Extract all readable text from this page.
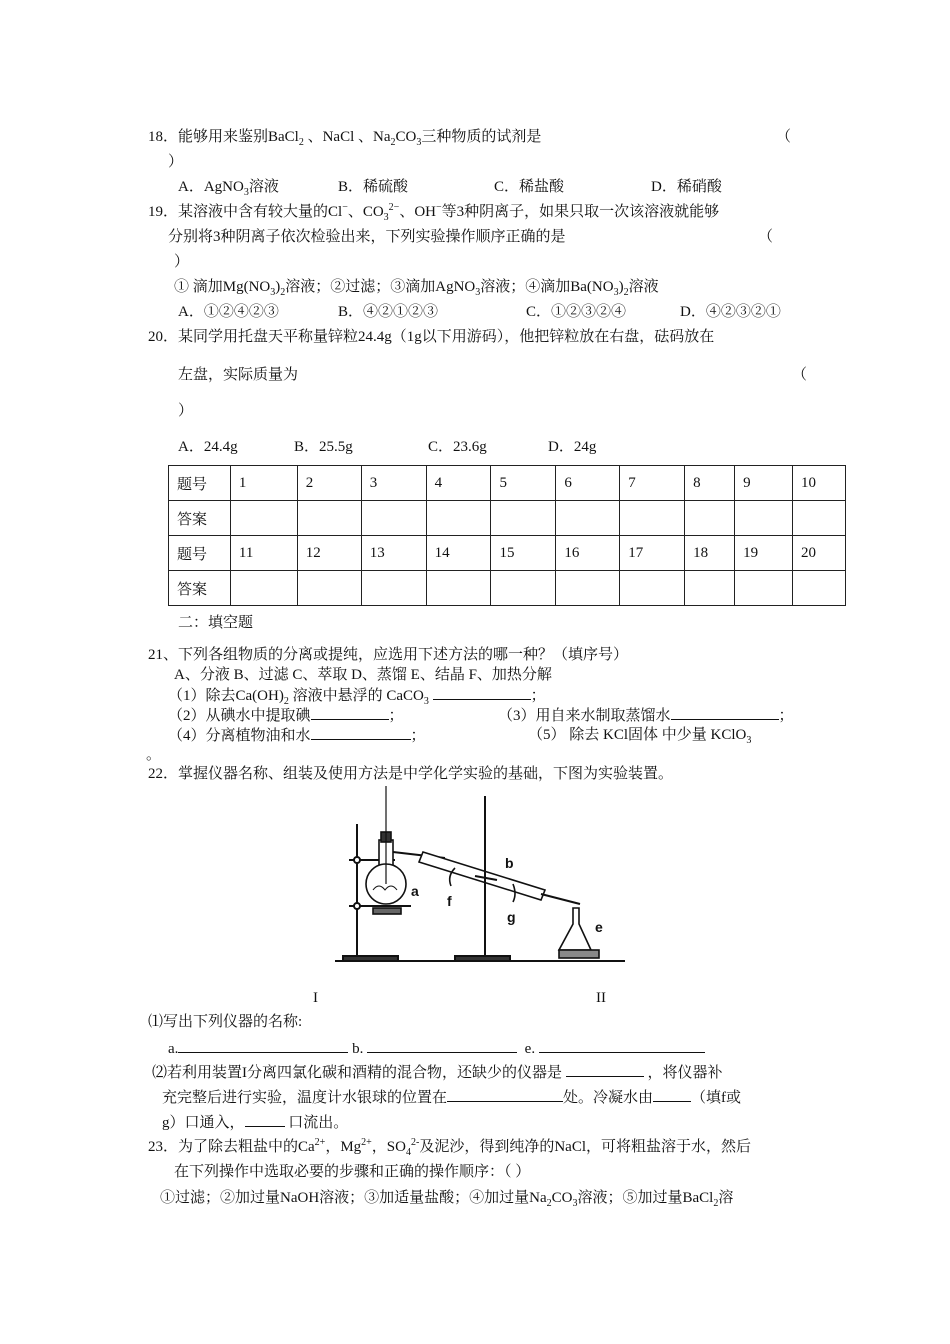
18．能够用来鉴别BaCl$_2$ 、NaCl 、$Na_2CO_3$三种物质的试剂是	（
）
A．AgNO$_3$溶液	B．稀硫酸	C．稀盐酸	D．稀硝酸
19．某溶液中含有较大量的Cl−、$CO_3^{2-}$、OH−等3种阴离子，如果只取一次该溶液就能够
分别将3种阴离子依次检验出来，下列实验操作顺序正确的是	（
）
① 滴加$Mg(NO_3)_2$溶液；②过滤；③滴加AgNO$_3$溶液；④滴加$Ba(NO_3)_2$溶液
A．①②④②③	B．④②①②③	C．①②③②④	D．④②③②①
20．某同学用托盘天平称量锌粒24.4g（1g以下用游码），他把锌粒放在右盘，砝码放在
左盘，实际质量为	（
）
A．24.4g	B．25.5g	C．23.6g	D．24g
题号	1	2	3	4	5	6	7	8	9	10
答案										
题号	11	12	13	14	15	16	17	18	19	20
答案										
二：填空题
21、下列各组物质的分离或提纯，应选用下述方法的哪一种？（填序号）
A、分液 B、过滤 C、萃取 D、蒸馏 E、结晶 F、加热分解
（1）除去$Ca(OH)_2$ 溶液中悬浮的 CaCO$_3$	；
（2）从碘水中提取碘	；	（3）用自来水制取蒸馏水	；
（4）分离植物油和水	；	（5） 除去 KCl固体 中少量 KClO$_3$
。
22．掌握仪器名称、组装及使用方法是中学化学实验的基础，下图为实验装置。
a
b
e
f
g
I	II
⑴写出下列仪器的名称:
a.	b.	e.
⑵若利用装置I分离四氯化碳和酒精的混合物，还缺少的仪器是	，将仪器补
充完整后进行实验，温度计水银球的位置在	处。冷凝水由	（填f或
g）口通入，	口流出。
23．为了除去粗盐中的$Ca^{2+}$，$Mg^{2+}$，$SO_4^{2-}$及泥沙，得到纯净的NaCl，可将粗盐溶于水，然后
在下列操作中选取必要的步骤和正确的操作顺序：（ ）
①过滤；②加过量NaOH溶液；③加适量盐酸；④加过量$Na_2CO_3$溶液；⑤加过量BaCl$_2$溶
